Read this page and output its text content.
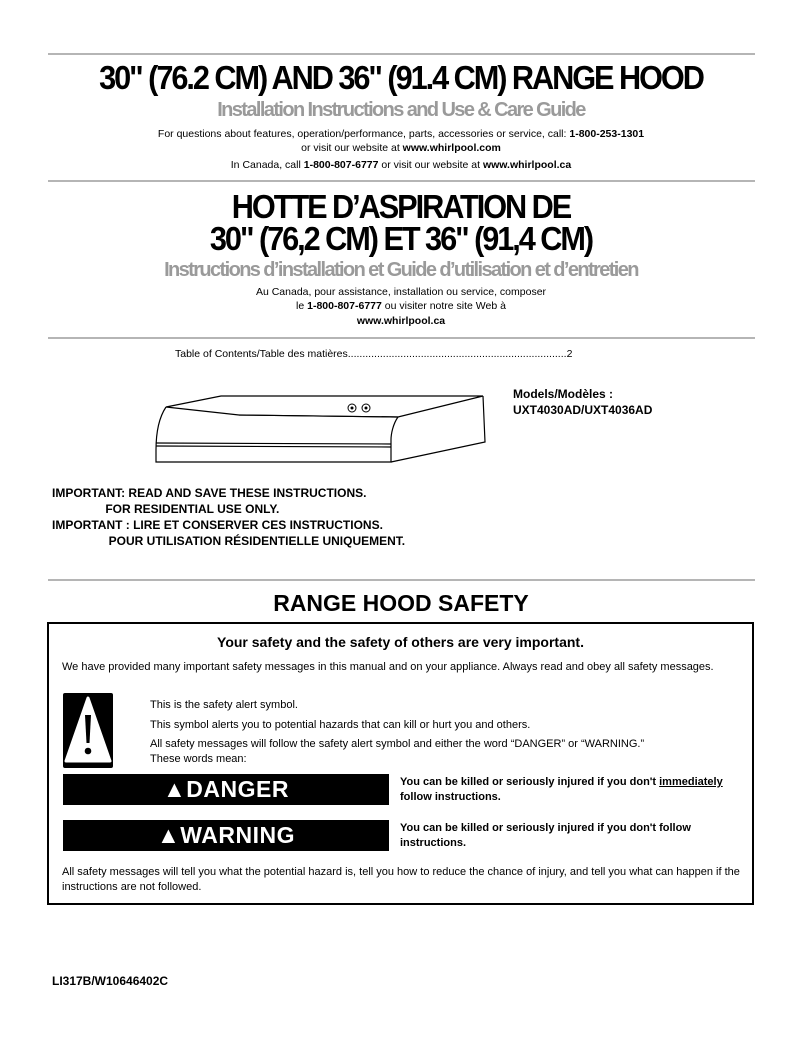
30" (76.2 CM) AND 36" (91.4 CM) RANGE HOOD
Installation Instructions and Use & Care Guide
For questions about features, operation/performance, parts, accessories or service, call: 1-800-253-1301
or visit our website at www.whirlpool.com
In Canada, call 1-800-807-6777 or visit our website at www.whirlpool.ca
HOTTE D’ASPIRATION DE
30" (76,2 CM) ET 36" (91,4 CM)
Instructions d’installation et Guide d’utilisation et d’entretien
Au Canada, pour assistance, installation ou service, composer
le 1-800-807-6777 ou visiter notre site Web à
www.whirlpool.ca
Table of Contents/Table des matières...........................................................................2
Models/Modèles :
UXT4030AD/UXT4036AD
IMPORTANT: READ AND SAVE THESE INSTRUCTIONS.
FOR RESIDENTIAL USE ONLY.
IMPORTANT : LIRE ET CONSERVER CES INSTRUCTIONS.
POUR UTILISATION RÉSIDENTIELLE UNIQUEMENT.
RANGE HOOD SAFETY
Your safety and the safety of others are very important.
We have provided many important safety messages in this manual and on your appliance. Always read and obey all safety messages.
This is the safety alert symbol.
This symbol alerts you to potential hazards that can kill or hurt you and others.
All safety messages will follow the safety alert symbol and either the word “DANGER” or “WARNING.”
These words mean:
▲DANGER	You can be killed or seriously injured if you don't immediately follow instructions.
▲WARNING	You can be killed or seriously injured if you don't follow instructions.
All safety messages will tell you what the potential hazard is, tell you how to reduce the chance of injury, and tell you what can happen if the instructions are not followed.
LI317B/W10646402C
